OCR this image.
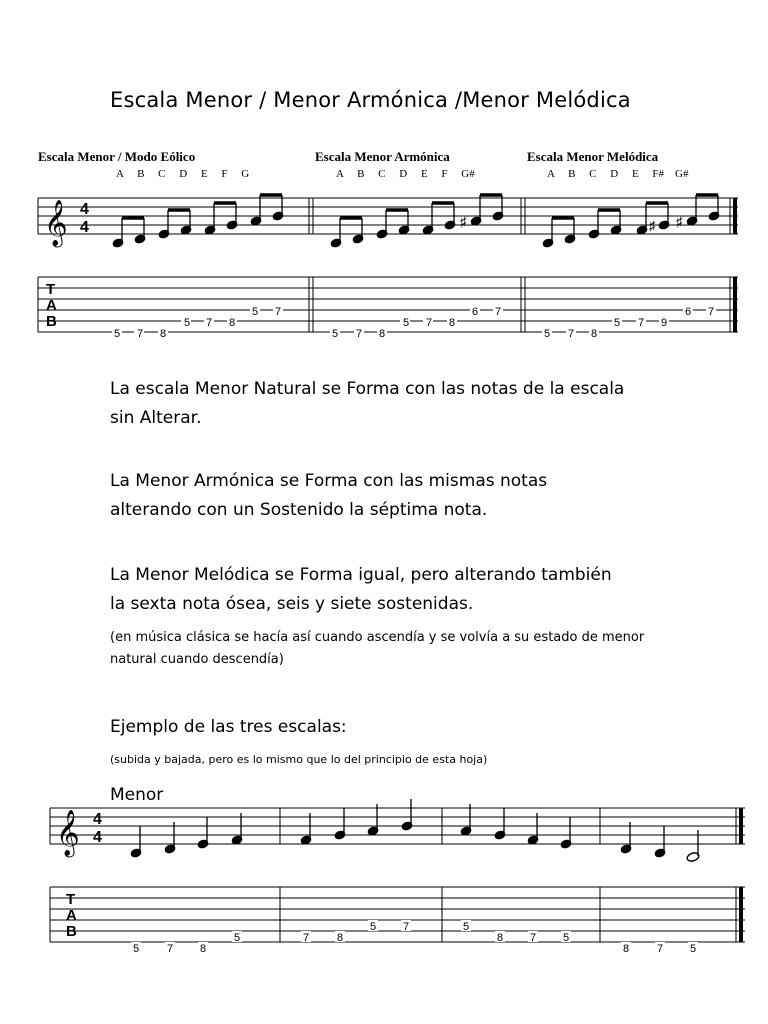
Escala Menor / Menor Armónica /Menor Melódica
Escala Menor / Modo Eólico
A     B     C     D     E     F     G
Escala Menor Armónica
A     B     C     D     E     F     G#
Escala Menor Melódica
A     B     C     D     E     F#    G#
𝄞 4
4	♯	♯ ♯
T
A
B
5 7 8
5 7 8
5 7
5 7 8
5 7 8
6 7
5 7 8
5 7 9
6 7
La escala Menor Natural se Forma con las notas de la escala sin Alterar.
La Menor Armónica se Forma con las mismas notas alterando con un Sostenido la séptima nota.
La Menor Melódica se Forma igual, pero alterando también la sexta nota ósea, seis y siete sostenidas.
(en música clásica se hacía así cuando ascendía y se volvía a su estado de menor natural cuando descendía)
Ejemplo de las tres escalas:
(subida y bajada, pero es lo mismo que lo del principio de esta hoja)
Menor
𝄞 4
4
T
A
B
5	7 8
5	7	8
5 7	5
8 7 5
8	7 5
